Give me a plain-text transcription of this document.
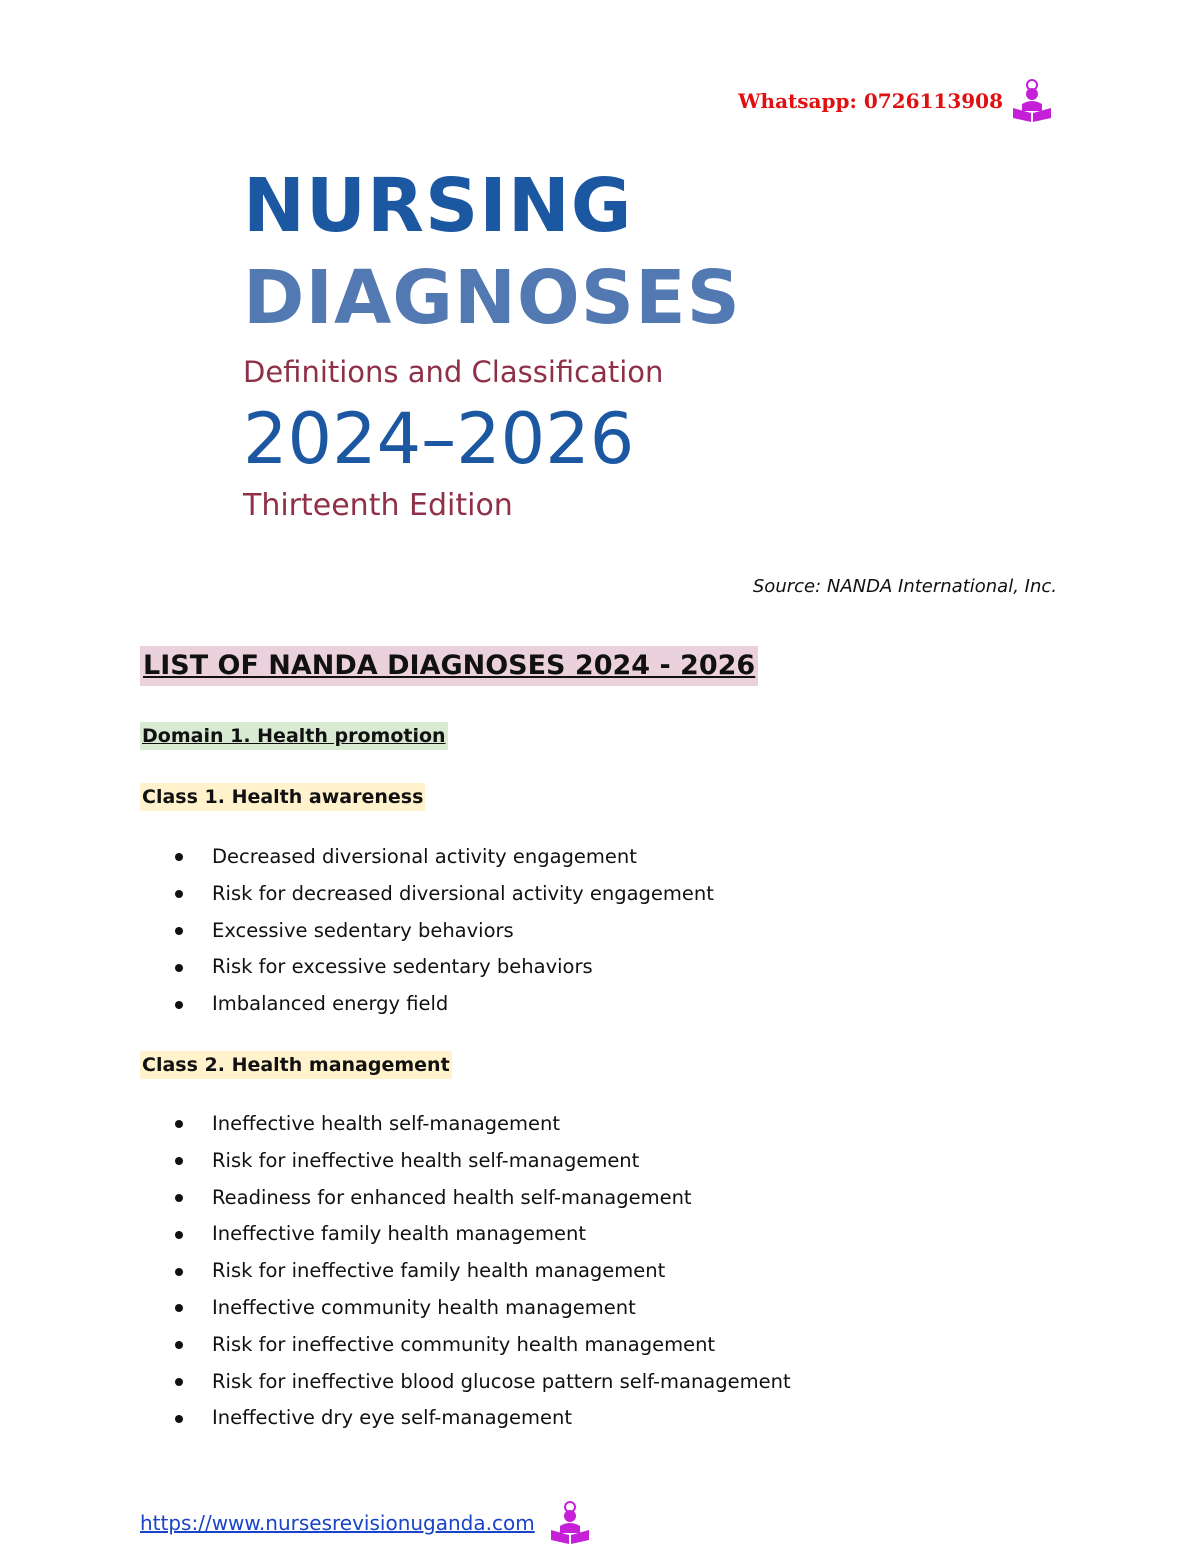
Whatsapp: 0726113908
NURSING
DIAGNOSES
Definitions and Classification
2024–2026
Thirteenth Edition
Source: NANDA International, Inc.
LIST OF NANDA DIAGNOSES 2024 - 2026
Domain 1. Health promotion
Class 1. Health awareness
Decreased diversional activity engagement
Risk for decreased diversional activity engagement
Excessive sedentary behaviors
Risk for excessive sedentary behaviors
Imbalanced energy field
Class 2. Health management
Ineffective health self-management
Risk for ineffective health self-management
Readiness for enhanced health self-management
Ineffective family health management
Risk for ineffective family health management
Ineffective community health management
Risk for ineffective community health management
Risk for ineffective blood glucose pattern self-management
Ineffective dry eye self-management
https://www.nursesrevisionuganda.com
